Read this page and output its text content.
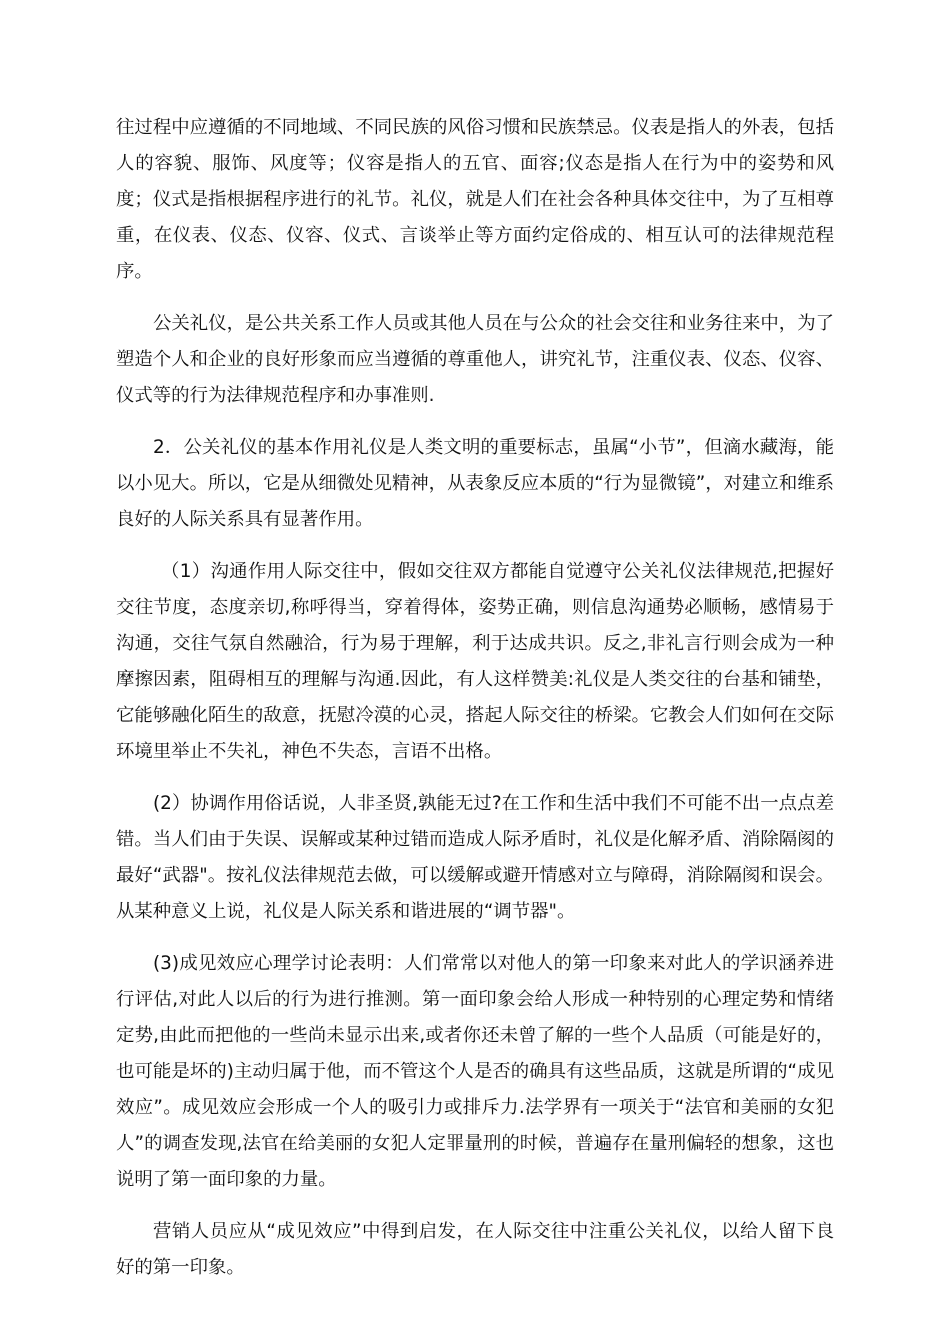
往过程中应遵循的不同地域、不同民族的风俗习惯和民族禁忌。仪表是指人的外表，包括人的容貌、服饰、风度等；仪容是指人的五官、面容;仪态是指人在行为中的姿势和风度；仪式是指根据程序进行的礼节。礼仪，就是人们在社会各种具体交往中，为了互相尊重，在仪表、仪态、仪容、仪式、言谈举止等方面约定俗成的、相互认可的法律规范程序。

公关礼仪，是公共关系工作人员或其他人员在与公众的社会交往和业务往来中，为了塑造个人和企业的良好形象而应当遵循的尊重他人，讲究礼节，注重仪表、仪态、仪容、仪式等的行为法律规范程序和办事准则.

2．公关礼仪的基本作用礼仪是人类文明的重要标志，虽属“小节”，但滴水藏海，能以小见大。所以，它是从细微处见精神，从表象反应本质的“行为显微镜”，对建立和维系良好的人际关系具有显著作用。

（1）沟通作用人际交往中，假如交往双方都能自觉遵守公关礼仪法律规范,把握好交往节度，态度亲切,称呼得当，穿着得体，姿势正确，则信息沟通势必顺畅，感情易于沟通，交往气氛自然融洽，行为易于理解，利于达成共识。反之,非礼言行则会成为一种摩擦因素，阻碍相互的理解与沟通.因此，有人这样赞美:礼仪是人类交往的台基和铺垫，它能够融化陌生的敌意，抚慰冷漠的心灵，搭起人际交往的桥梁。它教会人们如何在交际环境里举止不失礼，神色不失态，言语不出格。

(2）协调作用俗话说，人非圣贤,孰能无过?在工作和生活中我们不可能不出一点点差错。当人们由于失误、误解或某种过错而造成人际矛盾时，礼仪是化解矛盾、消除隔阂的最好“武器"。按礼仪法律规范去做，可以缓解或避开情感对立与障碍，消除隔阂和误会。从某种意义上说，礼仪是人际关系和谐进展的“调节器"。

(3)成见效应心理学讨论表明：人们常常以对他人的第一印象来对此人的学识涵养进行评估,对此人以后的行为进行推测。第一面印象会给人形成一种特别的心理定势和情绪定势,由此而把他的一些尚未显示出来,或者你还未曾了解的一些个人品质（可能是好的，也可能是坏的)主动归属于他，而不管这个人是否的确具有这些品质，这就是所谓的“成见效应”。成见效应会形成一个人的吸引力或排斥力.法学界有一项关于“法官和美丽的女犯人”的调查发现,法官在给美丽的女犯人定罪量刑的时候，普遍存在量刑偏轻的想象，这也说明了第一面印象的力量。

营销人员应从“成见效应”中得到启发，在人际交往中注重公关礼仪，以给人留下良好的第一印象。
